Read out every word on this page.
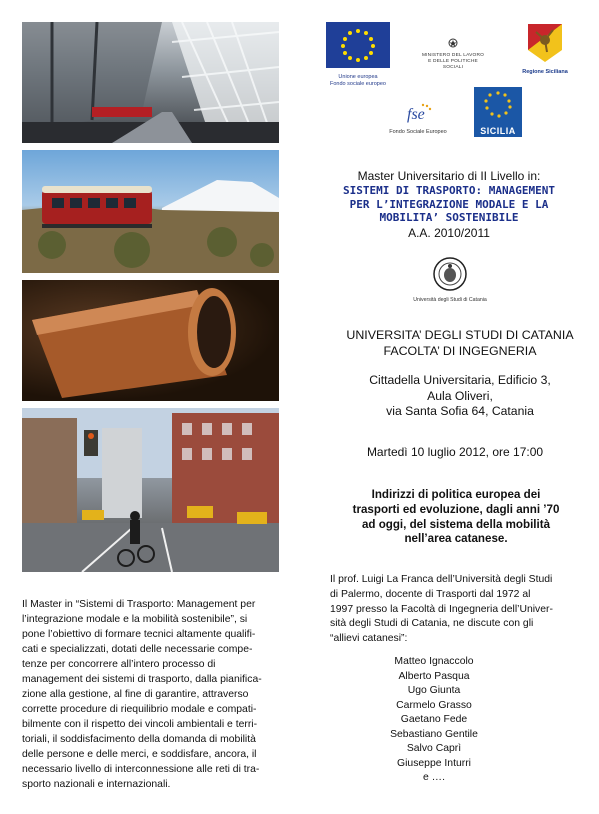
Unione europea
Fondo sociale europeo
MINISTERO DEL LAVORO
E DELLE POLITICHE SOCIALI
Regione Siciliana
fse
Fondo Sociale Europeo	SICILIA
Master Universitario di II Livello in:
SISTEMI DI TRASPORTO: MANAGEMENT
PER L’INTEGRAZIONE MODALE E LA
MOBILITA’ SOSTENIBILE
A.A. 2010/2011
Università degli Studi di Catania
UNIVERSITA’ DEGLI STUDI DI CATANIA
FACOLTA’ DI INGEGNERIA
Cittadella Universitaria, Edificio 3,
Aula Oliveri,
via Santa Sofia 64, Catania
Martedì 10 luglio 2012, ore 17:00
Indirizzi di politica europea dei
trasporti ed evoluzione, dagli anni ’70
ad oggi, del sistema della mobilità
nell’area catanese.
Il prof. Luigi La Franca dell’Università degli Studi
di Palermo, docente di Trasporti dal 1972 al
1997 presso la Facoltà di Ingegneria dell’Univer-
sità degli Studi di Catania, ne discute con gli
“allievi catanesi”:
Matteo Ignaccolo
Alberto Pasqua
Ugo Giunta
Carmelo Grasso
Gaetano Fede
Sebastiano Gentile
Salvo Caprì
Giuseppe Inturri
e ….
Il Master in “Sistemi di Trasporto: Management per
l’integrazione modale e la mobilità sostenibile”, si
pone l’obiettivo di formare tecnici altamente qualifi-
cati e specializzati, dotati delle necessarie compe-
tenze per concorrere all’intero processo di
management dei sistemi di trasporto, dalla pianifica-
zione alla gestione, al fine di garantire, attraverso
corrette procedure di riequilibrio modale e compati-
bilmente con il rispetto dei vincoli ambientali e terri-
toriali, il soddisfacimento della domanda di mobilità
delle persone e delle merci, e soddisfare, ancora, il
necessario livello di interconnessione alle reti di tra-
sporto nazionali e internazionali.
